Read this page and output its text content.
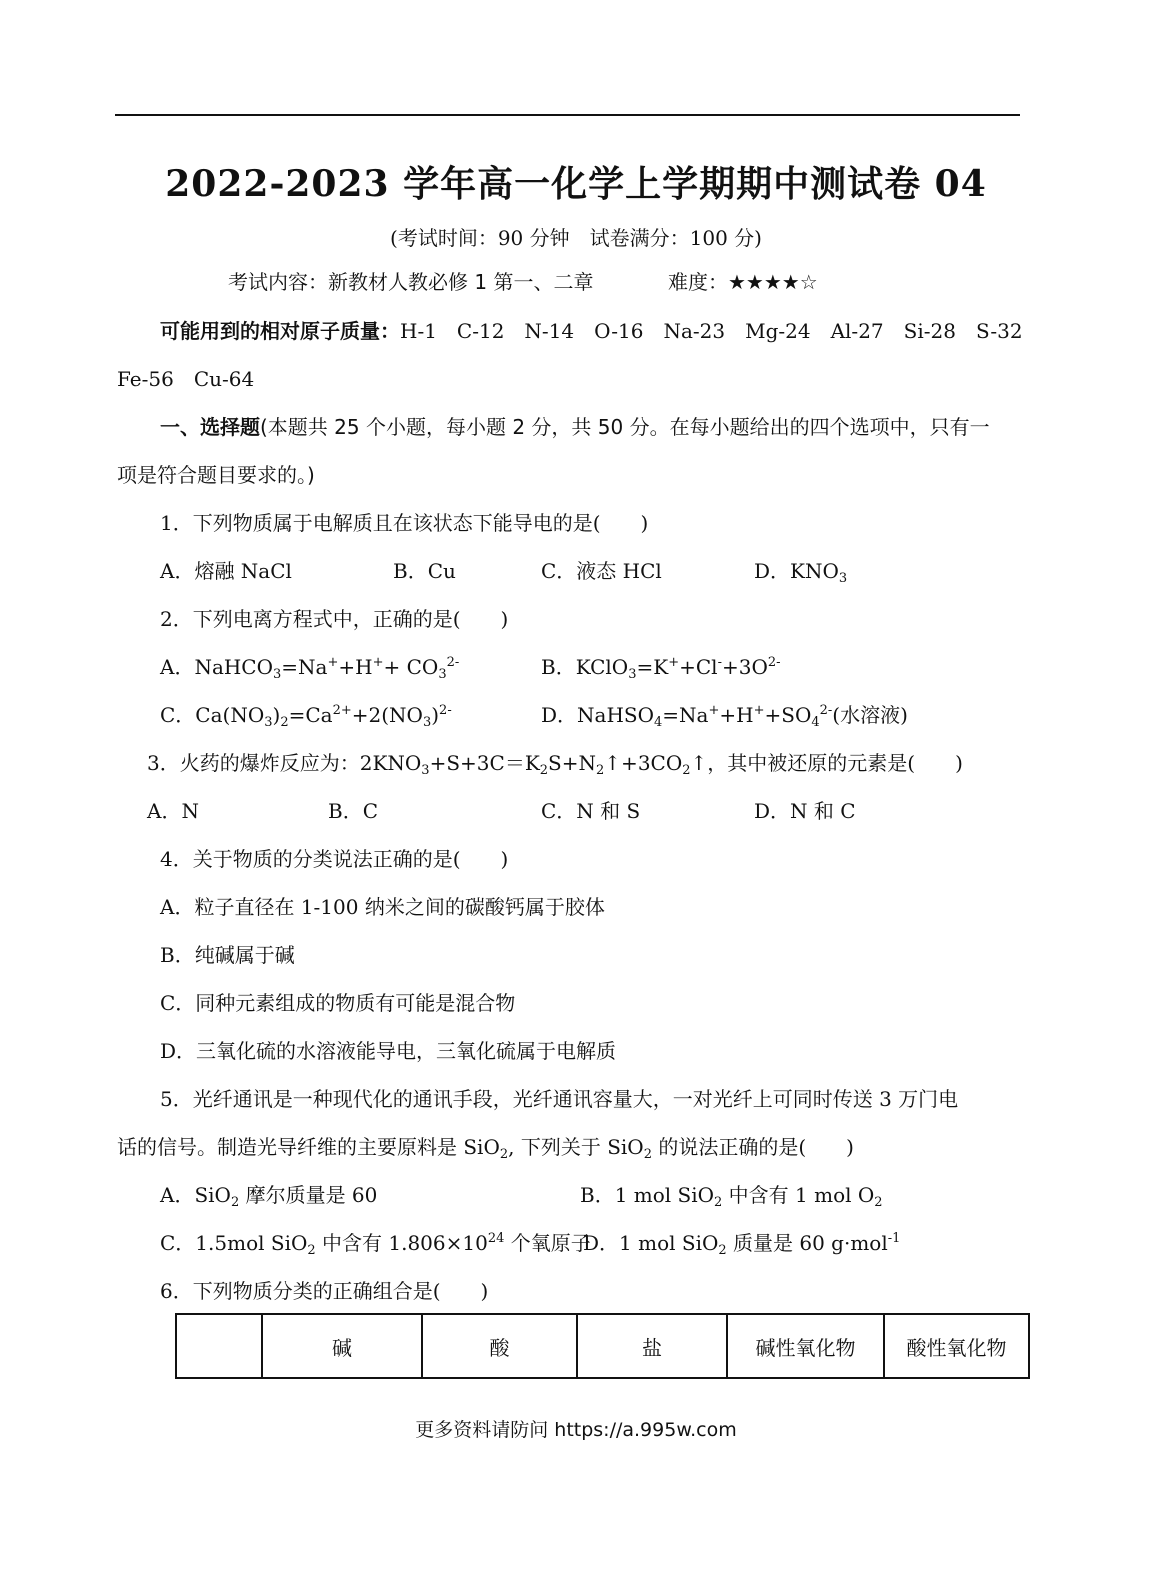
2022-2023 学年高一化学上学期期中测试卷 04
(考试时间：90 分钟　试卷满分：100 分)
考试内容：新教材人教必修 1 第一、二章	难度：★★★★☆
可能用到的相对原子质量：H-1　C-12　N-14　O-16　Na-23　Mg-24　Al-27　Si-28　S-32
Fe-56　Cu-64
一、选择题(本题共 25 个小题，每小题 2 分，共 50 分。在每小题给出的四个选项中，只有一
项是符合题目要求的。)
1．下列物质属于电解质且在该状态下能导电的是(　　)
A．熔融 NaCl	B．Cu	C．液态 HCl	D．$KNO_3$
2．下列电离方程式中，正确的是(　　)
A．NaHCO$_3$=Na++H++ $CO_3^{2-}$	B．$KClO_3=K^++Cl^-+3O^{2-}$
C．$Ca(NO_3)_2=Ca^{2+}+2(NO_3)^{2-}$	D．$NaHSO_4=Na^++H^++SO_4^{2-}$(水溶液)
3．火药的爆炸反应为：$2KNO_3+S+3C=K_2S+N_2↑+3CO_2↑$，其中被还原的元素是(　　)
A．N	B．C	C．N 和 S	D．N 和 C
4．关于物质的分类说法正确的是(　　)
A．粒子直径在 1-100 纳米之间的碳酸钙属于胶体
B．纯碱属于碱
C．同种元素组成的物质有可能是混合物
D．三氧化硫的水溶液能导电，三氧化硫属于电解质
5．光纤通讯是一种现代化的通讯手段，光纤通讯容量大，一对光纤上可同时传送 3 万门电
话的信号。制造光导纤维的主要原料是 SiO$_2$, 下列关于 SiO$_2$ 的说法正确的是(　　)
A．SiO$_2$ 摩尔质量是 60	B．1 mol SiO$_2$ 中含有 1 mol $O_2$
C．1.5mol SiO$_2$ 中含有 $1.806\times 10^{24}$ 个氧原子
D．1 mol SiO$_2$ 质量是 60 g·mol$^{-1}$
6．下列物质分类的正确组合是(　　)
	碱	酸	盐	碱性氧化物	酸性氧化物
更多资料请防问 https://a.995w.com
